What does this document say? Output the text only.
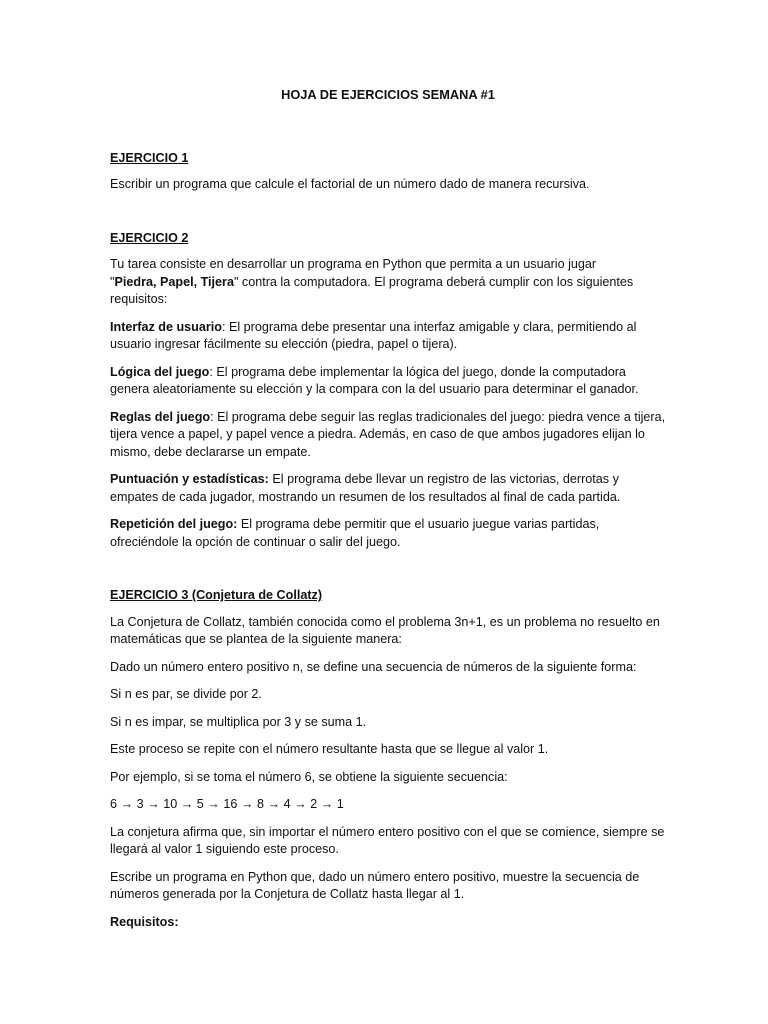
HOJA DE EJERCICIOS SEMANA #1

EJERCICIO 1

Escribir un programa que calcule el factorial de un número dado de manera recursiva.

EJERCICIO 2

Tu tarea consiste en desarrollar un programa en Python que permita a un usuario jugar
"Piedra, Papel, Tijera" contra la computadora. El programa deberá cumplir con los siguientes requisitos:

Interfaz de usuario: El programa debe presentar una interfaz amigable y clara, permitiendo al usuario ingresar fácilmente su elección (piedra, papel o tijera).

Lógica del juego: El programa debe implementar la lógica del juego, donde la computadora genera aleatoriamente su elección y la compara con la del usuario para determinar el ganador.

Reglas del juego: El programa debe seguir las reglas tradicionales del juego: piedra vence a tijera, tijera vence a papel, y papel vence a piedra. Además, en caso de que ambos jugadores elijan lo mismo, debe declararse un empate.

Puntuación y estadísticas: El programa debe llevar un registro de las victorias, derrotas y empates de cada jugador, mostrando un resumen de los resultados al final de cada partida.

Repetición del juego: El programa debe permitir que el usuario juegue varias partidas, ofreciéndole la opción de continuar o salir del juego.

EJERCICIO 3 (Conjetura de Collatz)

La Conjetura de Collatz, también conocida como el problema 3n+1, es un problema no resuelto en matemáticas que se plantea de la siguiente manera:

Dado un número entero positivo n, se define una secuencia de números de la siguiente forma:

Si n es par, se divide por 2.

Si n es impar, se multiplica por 3 y se suma 1.

Este proceso se repite con el número resultante hasta que se llegue al valor 1.

Por ejemplo, si se toma el número 6, se obtiene la siguiente secuencia:

6 → 3 → 10 → 5 → 16 → 8 → 4 → 2 → 1

La conjetura afirma que, sin importar el número entero positivo con el que se comience, siempre se llegará al valor 1 siguiendo este proceso.

Escribe un programa en Python que, dado un número entero positivo, muestre la secuencia de números generada por la Conjetura de Collatz hasta llegar al 1.

Requisitos:
